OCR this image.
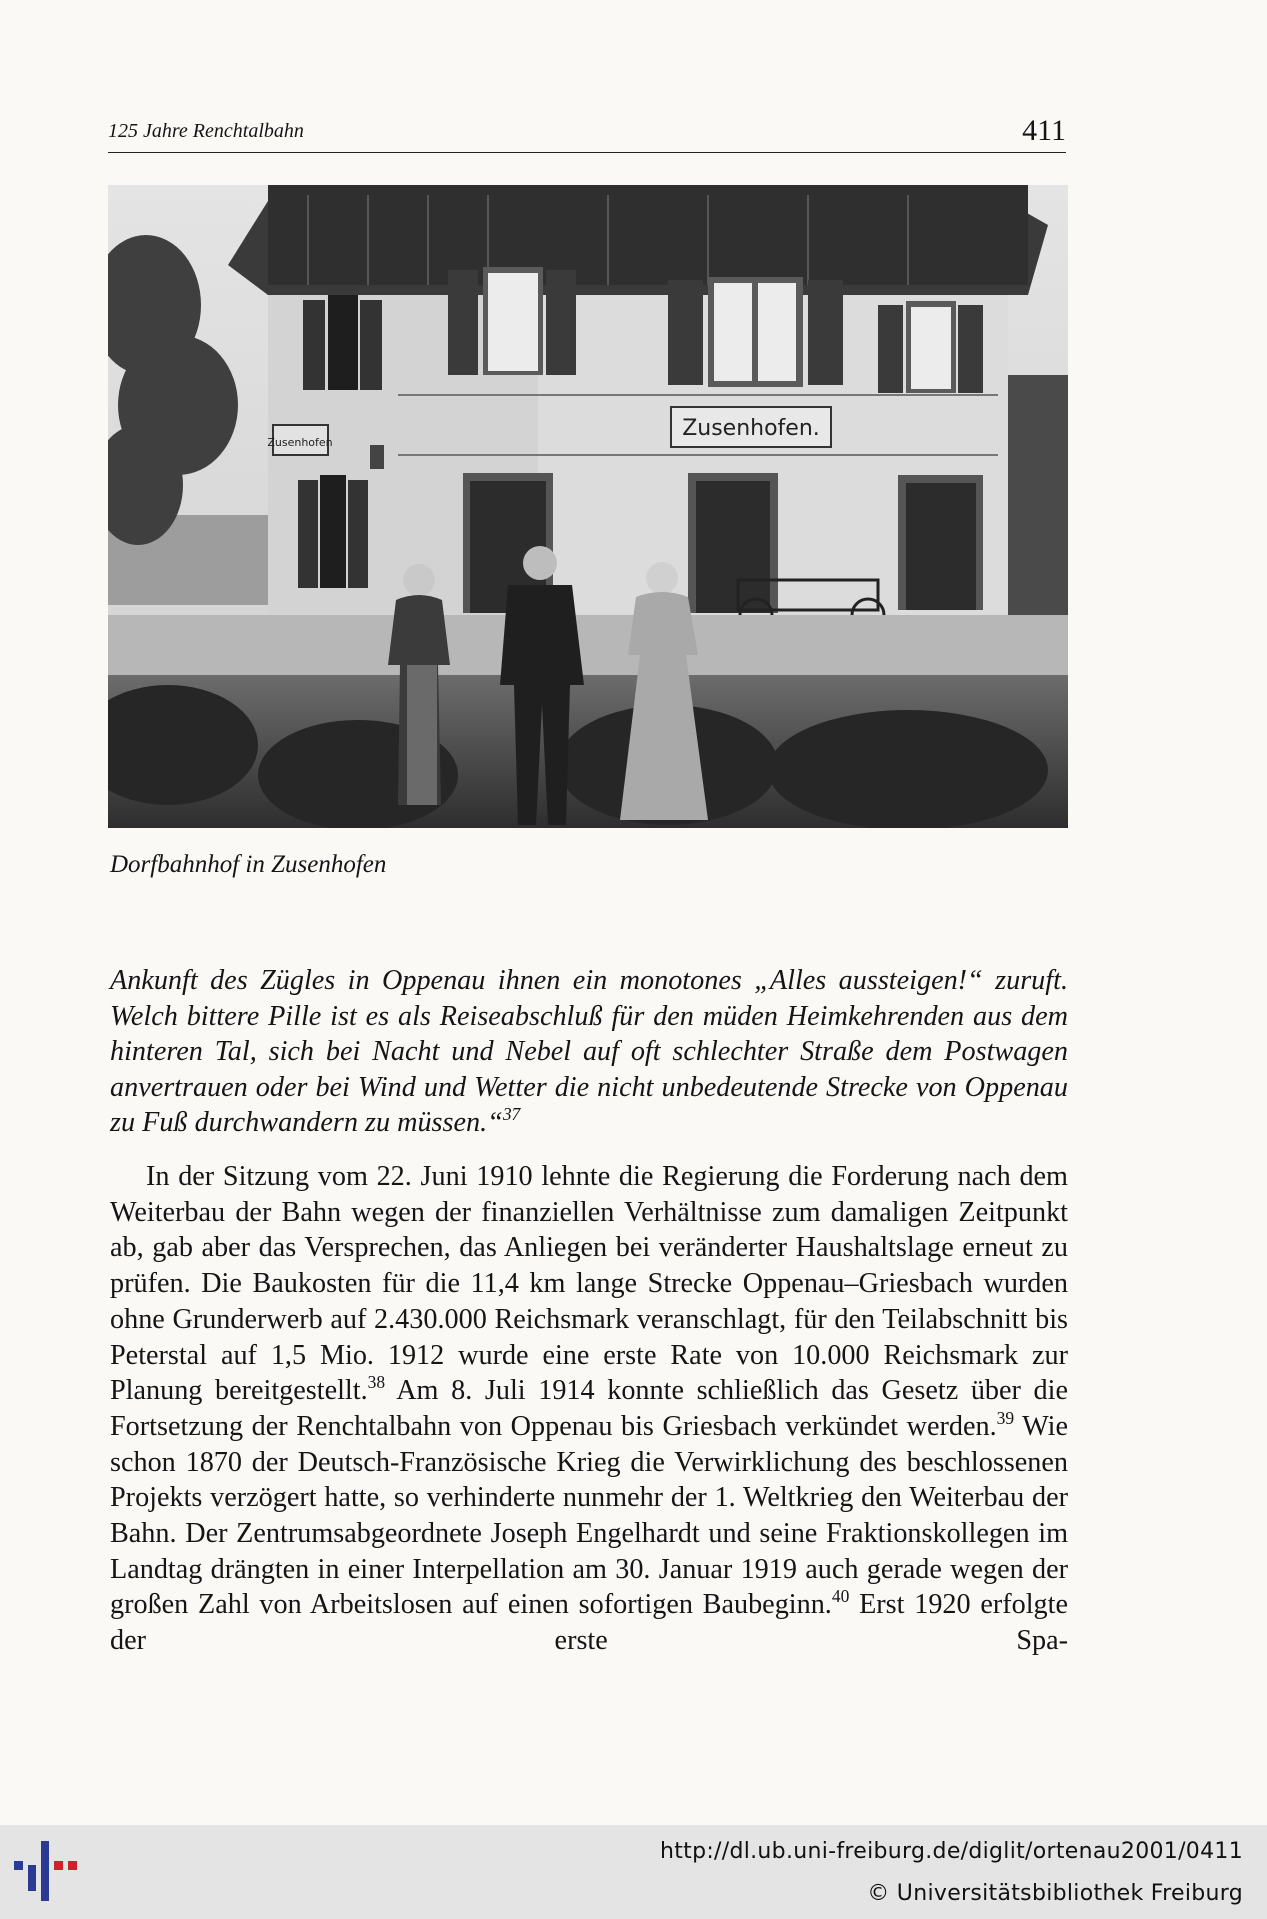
125 Jahre Renchtalbahn	411
Zusenhofen.
Zusenhofen
Dorfbahnhof in Zusenhofen
Ankunft des Zügles in Oppenau ihnen ein monotones „Alles aussteigen!“ zuruft. Welch bittere Pille ist es als Reiseabschluß für den müden Heimkehrenden aus dem hinteren Tal, sich bei Nacht und Nebel auf oft schlechter Straße dem Postwagen anvertrauen oder bei Wind und Wetter die nicht unbedeutende Strecke von Oppenau zu Fuß durchwandern zu müssen.“$^{37}$

In der Sitzung vom 22. Juni 1910 lehnte die Regierung die Forderung nach dem Weiterbau der Bahn wegen der finanziellen Verhältnisse zum damaligen Zeitpunkt ab, gab aber das Versprechen, das Anliegen bei veränderter Haushaltslage erneut zu prüfen. Die Baukosten für die 11,4 km lange Strecke Oppenau–Griesbach wurden ohne Grunderwerb auf 2.430.000 Reichsmark veranschlagt, für den Teilabschnitt bis Peterstal auf 1,5 Mio. 1912 wurde eine erste Rate von 10.000 Reichsmark zur Planung bereitgestellt.$^{38}$ Am 8. Juli 1914 konnte schließlich das Gesetz über die Fortsetzung der Renchtalbahn von Oppenau bis Griesbach verkündet werden.$^{39}$ Wie schon 1870 der Deutsch-Französische Krieg die Verwirklichung des beschlossenen Projekts verzögert hatte, so verhinderte nunmehr der 1. Weltkrieg den Weiterbau der Bahn. Der Zentrumsabgeordnete Joseph Engelhardt und seine Fraktionskollegen im Landtag drängten in einer Interpellation am 30. Januar 1919 auch gerade wegen der großen Zahl von Arbeitslosen auf einen sofortigen Baubeginn.$^{40}$ Erst 1920 erfolgte der erste Spa-

http://dl.ub.uni-freiburg.de/diglit/ortenau2001/0411
© Universitätsbibliothek Freiburg
